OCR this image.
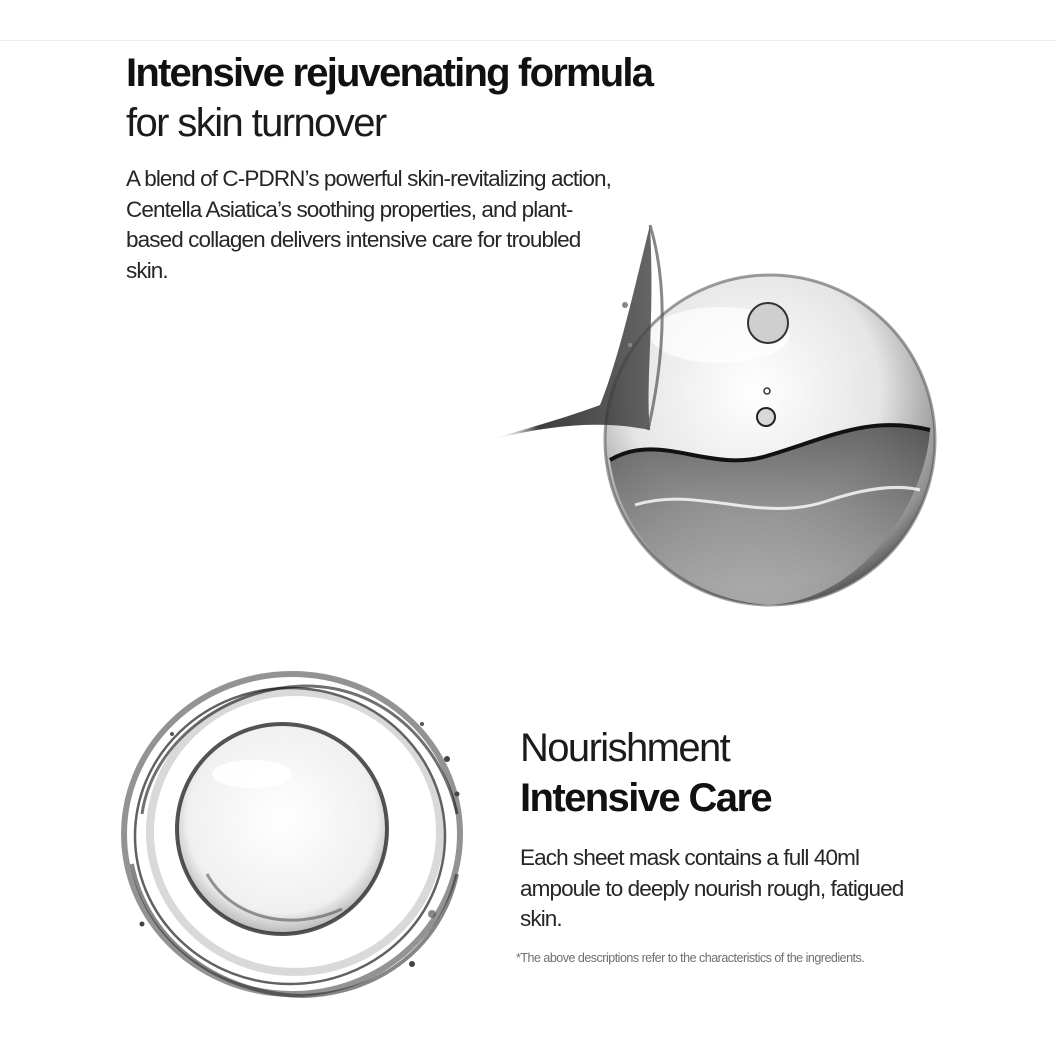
Intensive rejuvenating formula
for skin turnover

A blend of C-PDRN’s powerful skin-revitalizing action, Centella Asiatica’s soothing properties, and plant-based collagen delivers intensive care for troubled skin.

Nourishment
Intensive Care

Each sheet mask contains a full 40ml ampoule to deeply nourish rough, fatigued skin.

*The above descriptions refer to the characteristics of the ingredients.
